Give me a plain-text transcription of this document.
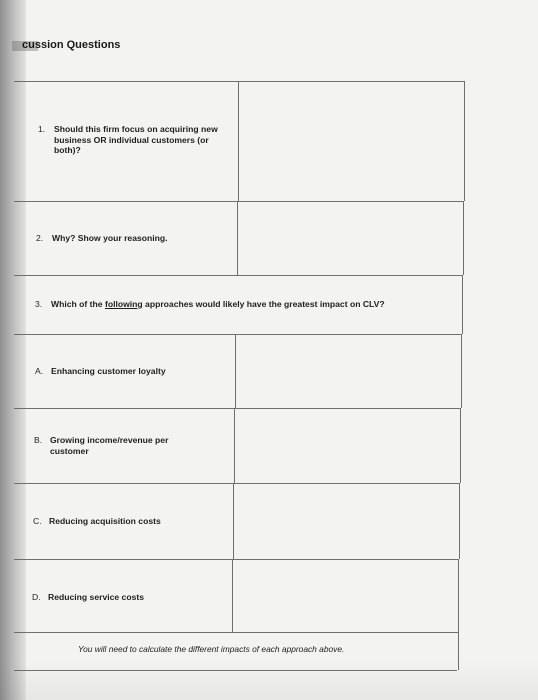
cussion Questions
1. Should this firm focus on acquiring new business OR individual customers (or both)?
2. Why? Show your reasoning.
3. Which of the following approaches would likely have the greatest impact on CLV?
A. Enhancing customer loyalty
B. Growing income/revenue per customer
C. Reducing acquisition costs
D. Reducing service costs
You will need to calculate the different impacts of each approach above.
